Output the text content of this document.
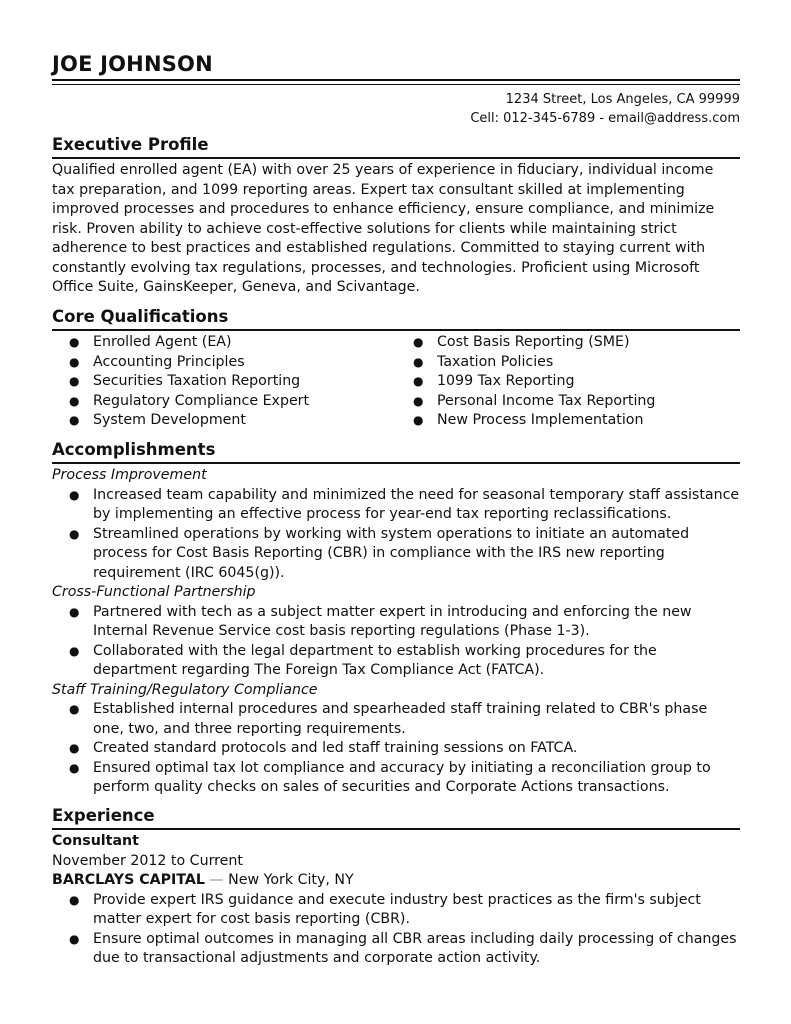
JOE JOHNSON
1234 Street, Los Angeles, CA 99999
Cell: 012-345-6789 - email@address.com
Executive Profile
Qualified enrolled agent (EA) with over 25 years of experience in fiduciary, individual income
tax preparation, and 1099 reporting areas. Expert tax consultant skilled at implementing
improved processes and procedures to enhance efficiency, ensure compliance, and minimize
risk. Proven ability to achieve cost-effective solutions for clients while maintaining strict
adherence to best practices and established regulations. Committed to staying current with
constantly evolving tax regulations, processes, and technologies. Proficient using Microsoft
Office Suite, GainsKeeper, Geneva, and Scivantage.
Core Qualifications
● Enrolled Agent (EA)
● Accounting Principles
● Securities Taxation Reporting
● Regulatory Compliance Expert
● System Development
● Cost Basis Reporting (SME)
● Taxation Policies
● 1099 Tax Reporting
● Personal Income Tax Reporting
● New Process Implementation
Accomplishments
Process Improvement
● Increased team capability and minimized the need for seasonal temporary staff assistance
by implementing an effective process for year-end tax reporting reclassifications.
● Streamlined operations by working with system operations to initiate an automated
process for Cost Basis Reporting (CBR) in compliance with the IRS new reporting
requirement (IRC 6045(g)).
Cross-Functional Partnership
● Partnered with tech as a subject matter expert in introducing and enforcing the new
Internal Revenue Service cost basis reporting regulations (Phase 1-3).
● Collaborated with the legal department to establish working procedures for the
department regarding The Foreign Tax Compliance Act (FATCA).
Staff Training/Regulatory Compliance
● Established internal procedures and spearheaded staff training related to CBR's phase
one, two, and three reporting requirements.
● Created standard protocols and led staff training sessions on FATCA.
● Ensured optimal tax lot compliance and accuracy by initiating a reconciliation group to
perform quality checks on sales of securities and Corporate Actions transactions.
Experience
Consultant
November 2012 to Current
BARCLAYS CAPITAL — New York City, NY
● Provide expert IRS guidance and execute industry best practices as the firm's subject
matter expert for cost basis reporting (CBR).
● Ensure optimal outcomes in managing all CBR areas including daily processing of changes
due to transactional adjustments and corporate action activity.
